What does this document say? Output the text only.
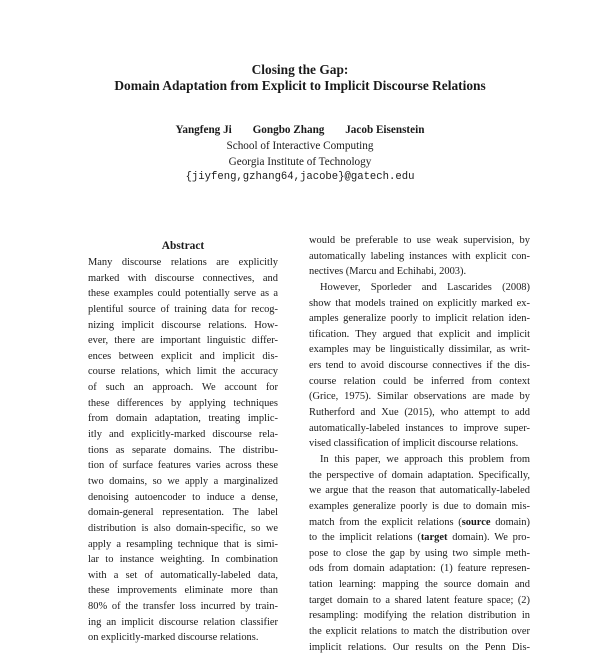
Closing the Gap:
Domain Adaptation from Explicit to Implicit Discourse Relations
Yangfeng Ji Gongbo Zhang Jacob Eisenstein
School of Interactive Computing
Georgia Institute of Technology
{jiyfeng,gzhang64,jacobe}@gatech.edu
Abstract
Many discourse relations are explicitly
marked with discourse connectives, and
these examples could potentially serve as a
plentiful source of training data for recog-
nizing implicit discourse relations. How-
ever, there are important linguistic differ-
ences between explicit and implicit dis-
course relations, which limit the accuracy
of such an approach. We account for
these differences by applying techniques
from domain adaptation, treating implic-
itly and explicitly-marked discourse rela-
tions as separate domains. The distribu-
tion of surface features varies across these
two domains, so we apply a marginalized
denoising autoencoder to induce a dense,
domain-general representation. The label
distribution is also domain-specific, so we
apply a resampling technique that is simi-
lar to instance weighting. In combination
with a set of automatically-labeled data,
these improvements eliminate more than
80% of the transfer loss incurred by train-
ing an implicit discourse relation classifier
on explicitly-marked discourse relations.
would be preferable to use weak supervision, by
automatically labeling instances with explicit con-
nectives (Marcu and Echihabi, 2003).
However, Sporleder and Lascarides (2008)
show that models trained on explicitly marked ex-
amples generalize poorly to implicit relation iden-
tification. They argued that explicit and implicit
examples may be linguistically dissimilar, as writ-
ers tend to avoid discourse connectives if the dis-
course relation could be inferred from context
(Grice, 1975). Similar observations are made by
Rutherford and Xue (2015), who attempt to add
automatically-labeled instances to improve super-
vised classification of implicit discourse relations.
In this paper, we approach this problem from
the perspective of domain adaptation. Specifically,
we argue that the reason that automatically-labeled
examples generalize poorly is due to domain mis-
match from the explicit relations (source domain)
to the implicit relations (target domain). We pro-
pose to close the gap by using two simple meth-
ods from domain adaptation: (1) feature represen-
tation learning: mapping the source domain and
target domain to a shared latent feature space; (2)
resampling: modifying the relation distribution in
the explicit relations to match the distribution over
implicit relations. Our results on the Penn Dis-
